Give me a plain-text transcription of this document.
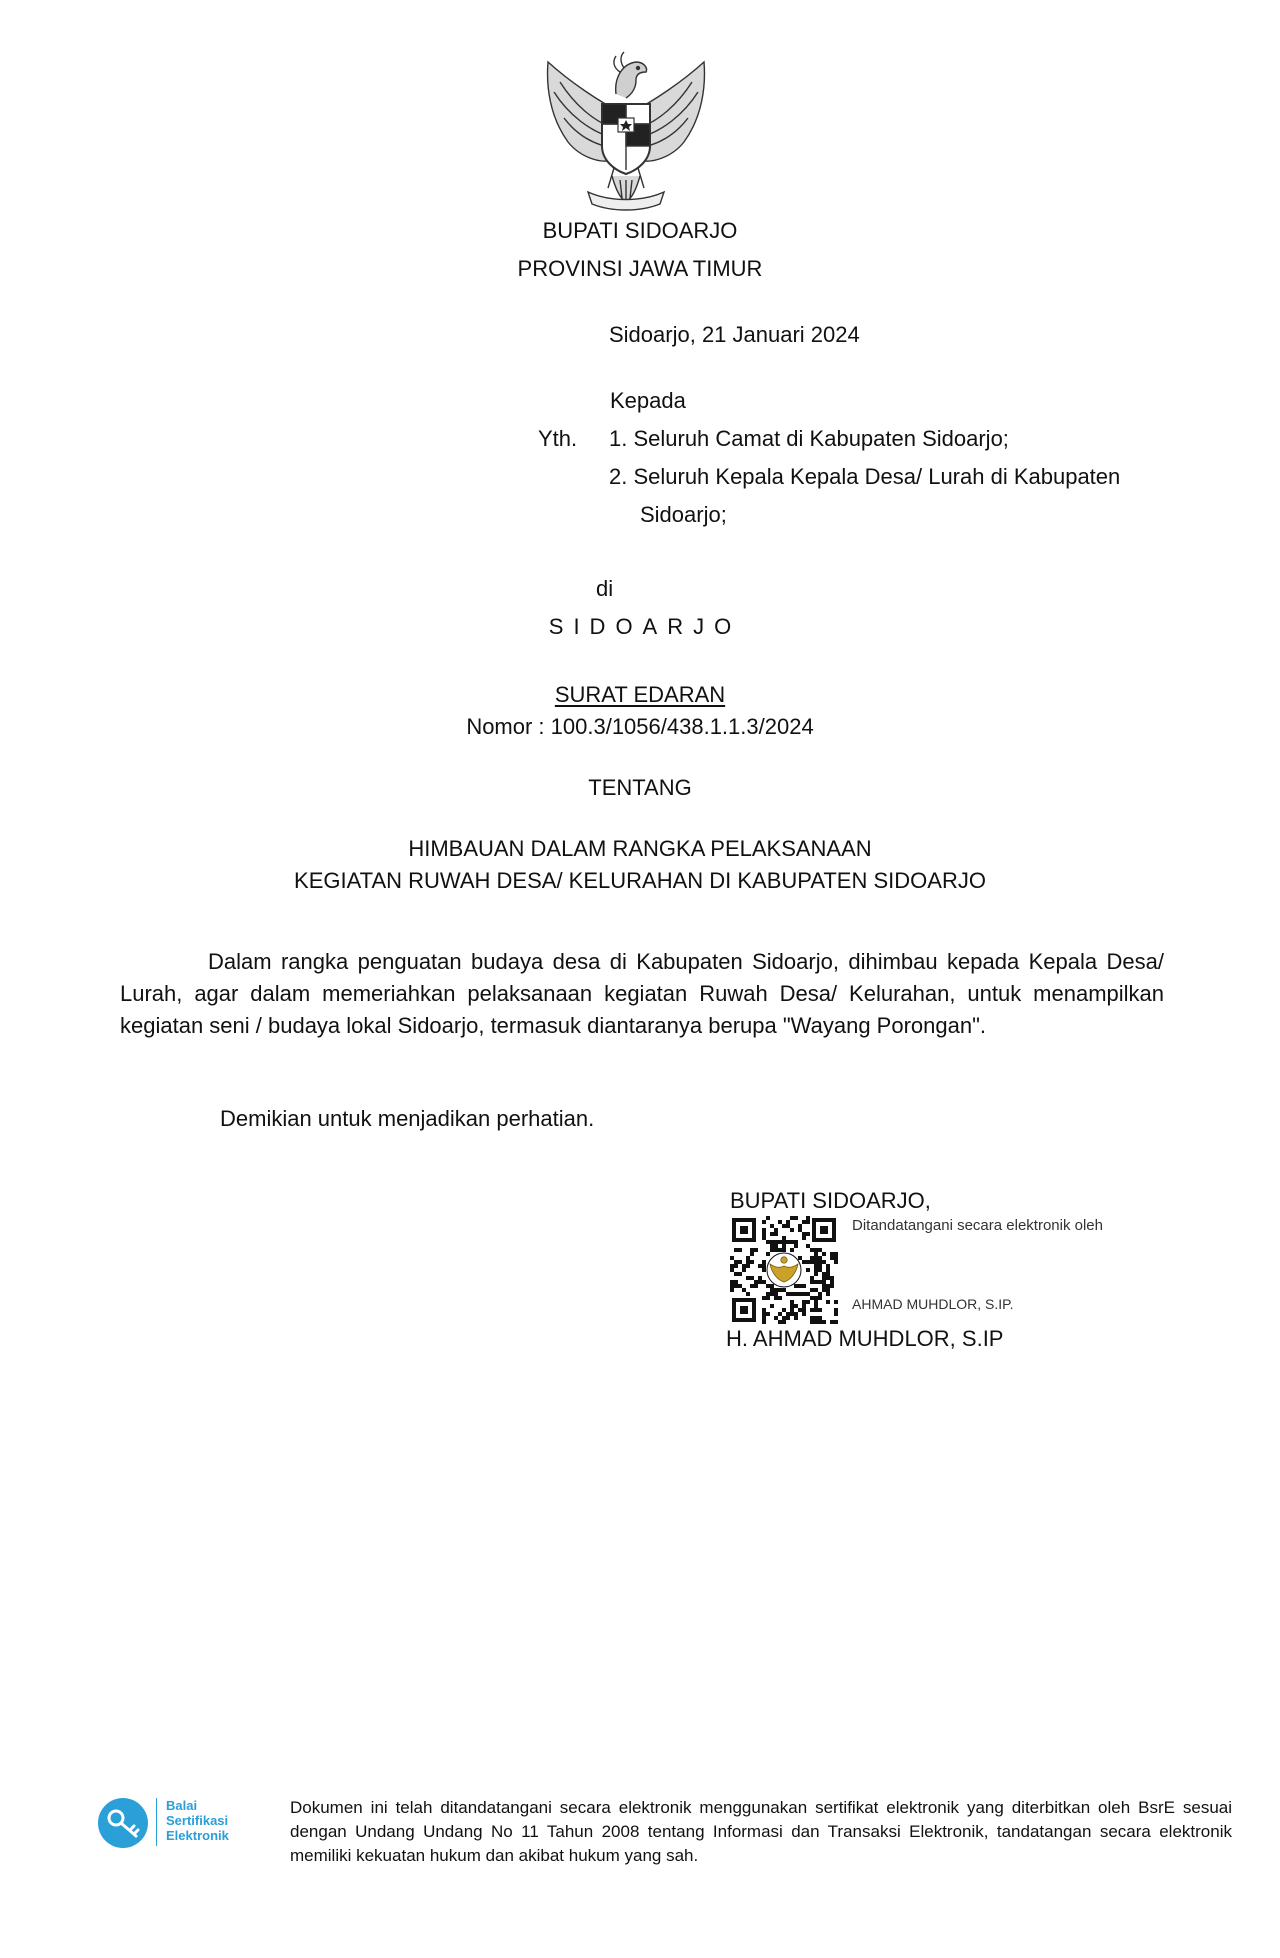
BUPATI SIDOARJO
PROVINSI JAWA TIMUR
Sidoarjo, 21 Januari 2024
Kepada
Yth. 1. Seluruh Camat di Kabupaten Sidoarjo;
2. Seluruh Kepala Kepala Desa/ Lurah di Kabupaten
Sidoarjo;
di
SIDOARJO
SURAT EDARAN
Nomor : 100.3/1056/438.1.1.3/2024
TENTANG
HIMBAUAN DALAM RANGKA PELAKSANAAN
KEGIATAN RUWAH DESA/ KELURAHAN DI KABUPATEN SIDOARJO
Dalam rangka penguatan budaya desa di Kabupaten Sidoarjo, dihimbau kepada Kepala Desa/ Lurah, agar dalam memeriahkan pelaksanaan kegiatan Ruwah Desa/ Kelurahan, untuk menampilkan kegiatan seni / budaya lokal Sidoarjo, termasuk diantaranya berupa "Wayang Porongan".
Demikian untuk menjadikan perhatian.
BUPATI SIDOARJO,
Ditandatangani secara elektronik oleh
AHMAD MUHDLOR, S.IP.
H. AHMAD MUHDLOR, S.IP
Balai
Sertifikasi
Elektronik
Dokumen ini telah ditandatangani secara elektronik menggunakan sertifikat elektronik yang diterbitkan oleh BsrE sesuai dengan Undang Undang No 11 Tahun 2008 tentang Informasi dan Transaksi Elektronik, tandatangan secara elektronik memiliki kekuatan hukum dan akibat hukum yang sah.
